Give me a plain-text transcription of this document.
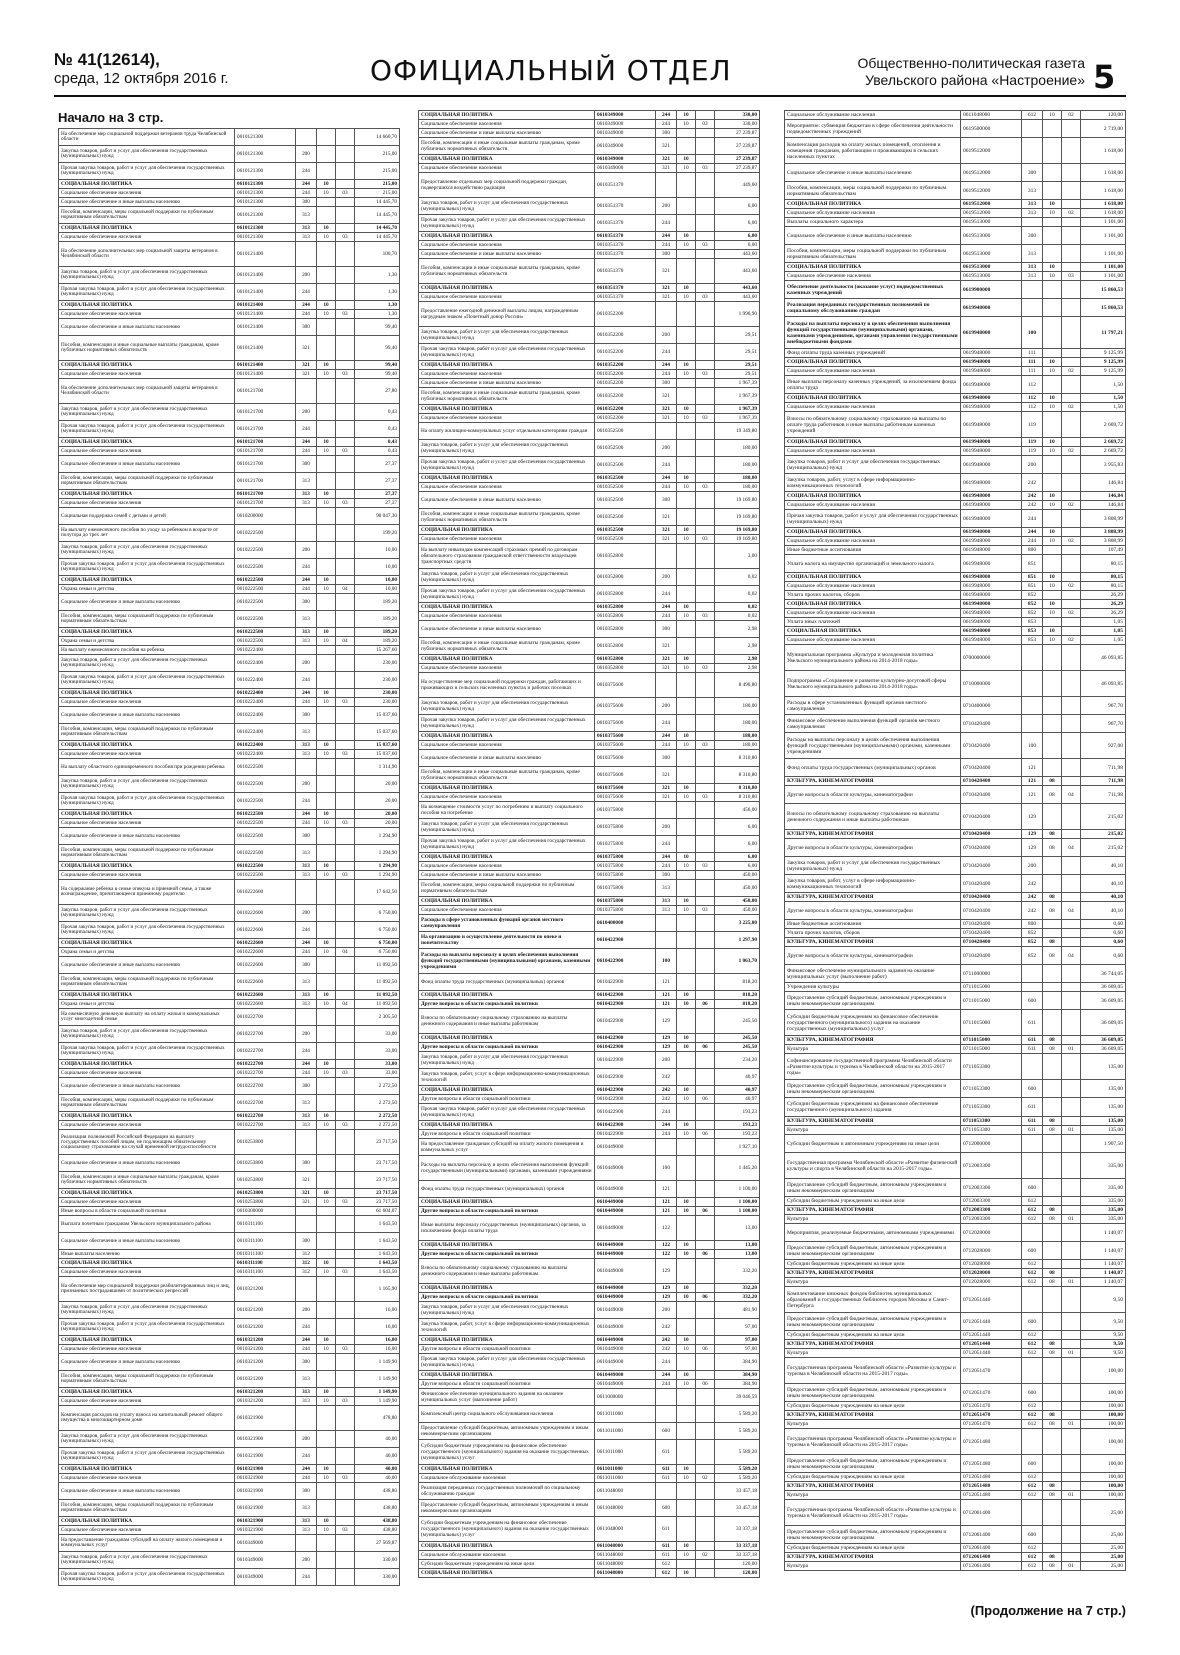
№ 41(12614),
среда, 12 октября 2016 г.	ОФИЦИАЛЬНЫЙ ОТДЕЛ	Общественно-политическая газета
Увельского района «Настроение» 5
Начало на 3 стр.
На обеспечение мер социальной поддержки ветеранов труда Челябинской области	0610121300				14 660,70
Закупка товаров, работ и услуг для обеспечения государственных (муниципальных) нужд	0610121300	200			215,00
Прочая закупка товаров, работ и услуг для обеспечения государственных (муниципальных) нужд	0610121300	244			215,00
СОЦИАЛЬНАЯ ПОЛИТИКА	0610121300	244	10		215,00
Социальное обеспечение населения	0610121300	244	10	03	215,00
Социальное обеспечение и иные выплаты населению	0610121300	300			14 445,70
Пособия, компенсации, меры социальной поддержки по публичным нормативным обязательствам	0610121300	313			14 445,70
СОЦИАЛЬНАЯ ПОЛИТИКА	0610121300	313	10		14 445,70
Социальное обеспечение населения	0610121300	313	10	03	14 445,70
На обеспечение дополнительных мер социальной защиты ветеранов в Челябинской области	0610121400				100,70
Закупка товаров, работ и услуг для обеспечения государственных (муниципальных) нужд	0610121400	200			1,30
Прочая закупка товаров, работ и услуг для обеспечения государственных (муниципальных) нужд	0610121400	244			1,30
СОЦИАЛЬНАЯ ПОЛИТИКА	0610121400	244	10		1,30
Социальное обеспечение населения	0610121400	244	10	03	1,30
Социальное обеспечение и иные выплаты населению	0610121400	300			99,40
Пособия, компенсации и иные социальные выплаты гражданам, кроме публичных нормативных обязательств	0610121400	321			99,40
СОЦИАЛЬНАЯ ПОЛИТИКА	0610121400	321	10		99,40
Социальное обеспечение населения	0610121400	321	10	03	99,40
На обеспечение дополнительных мер социальной защиты ветеранов в Челябинской области	0610121700				27,80
Закупка товаров, работ и услуг для обеспечения государственных (муниципальных) нужд	0610121700	200			0,43
Прочая закупка товаров, работ и услуг для обеспечения государственных (муниципальных) нужд	0610121700	244			0,43
СОЦИАЛЬНАЯ ПОЛИТИКА	0610121700	244	10		0,43
Социальное обеспечение населения	0610121700	244	10	03	0,43
Социальное обеспечение и иные выплаты населению	0610121700	300			27,37
Пособия, компенсации, меры социальной поддержки по публичным нормативным обязательствам	0610121700	313			27,37
СОЦИАЛЬНАЯ ПОЛИТИКА	0610121700	313	10		27,37
Социальное обеспечение населения	0610121700	313	10	03	27,37
Социальная поддержка семей с детьми и детей	0610200000				90 047,30
На выплату ежемесячного пособия по уходу за ребенком в возрасте от полутора до трех лет	0610222500				199,20
Закупка товаров, работ и услуг для обеспечения государственных (муниципальных) нужд	0610222500	200			10,00
Прочая закупка товаров, работ и услуг для обеспечения государственных (муниципальных) нужд	0610222500	244			10,00
СОЦИАЛЬНАЯ ПОЛИТИКА	0610222500	244	10		10,00
Охрана семьи и детства	0610222500	244	10	04	10,00
Социальное обеспечение и иные выплаты населению	0610222500	300			189,20
Пособия, компенсации, меры социальной поддержки по публичным нормативным обязательствам	0610222500	313			189,20
СОЦИАЛЬНАЯ ПОЛИТИКА	0610222500	313	10		189,20
Охрана семьи и детства	0610222500	313	10	04	189,20
На выплату ежемесячного пособия на ребенка	0610222400				15 267,60
Закупка товаров, работ и услуг для обеспечения государственных (муниципальных) нужд	0610222400	200			230,00
Прочая закупка товаров, работ и услуг для обеспечения государственных (муниципальных) нужд	0610222400	244			230,00
СОЦИАЛЬНАЯ ПОЛИТИКА	0610222400	244	10		230,00
Социальное обеспечение населения	0610222400	244	10	03	230,00
Социальное обеспечение и иные выплаты населению	0610222400	300			15 037,60
Пособия, компенсации, меры социальной поддержки по публичным нормативным обязательствам	0610222400	313			15 037,60
СОЦИАЛЬНАЯ ПОЛИТИКА	0610222400	313	10		15 037,60
Социальное обеспечение населения	0610222400	313	10	03	15 037,60
На выплату областного единовременного пособия при рождении ребенка	0610222500				1 314,90
Закупка товаров, работ и услуг для обеспечения государственных (муниципальных) нужд	0610222500	200			20,00
Прочая закупка товаров, работ и услуг для обеспечения государственных (муниципальных) нужд	0610222500	244			20,00
СОЦИАЛЬНАЯ ПОЛИТИКА	0610222500	244	10		20,00
Социальное обеспечение населения	0610222500	244	10	03	20,00
Социальное обеспечение и иные выплаты населению	0610222500	300			1 294,90
Пособия, компенсации, меры социальной поддержки по публичным нормативным обязательствам	0610222500	313			1 294,90
СОЦИАЛЬНАЯ ПОЛИТИКА	0610222500	313	10		1 294,90
Социальное обеспечение населения	0610222500	313	10	03	1 294,90
На содержание ребенка в семье опекуна и приемной семье, а также вознаграждение, причитающееся приемному родителю	0610222600				17 642,50
Закупка товаров, работ и услуг для обеспечения государственных (муниципальных) нужд	0610222600	200			6 750,00
Прочая закупка товаров, работ и услуг для обеспечения государственных (муниципальных) нужд	0610222600	244			6 750,00
СОЦИАЛЬНАЯ ПОЛИТИКА	0610222600	244	10		6 750,00
Охрана семьи и детства	0610222600	244	10	04	6 750,00
Социальное обеспечение и иные выплаты населению	0610222600	300			11 092,50
Пособия, компенсации, меры социальной поддержки по публичным нормативным обязательствам	0610222600	313			11 092,50
СОЦИАЛЬНАЯ ПОЛИТИКА	0610222600	313	10		11 092,50
Охрана семьи и детства	0610222600	313	10	04	11 092,50
На ежемесячную денежную выплату на оплату жилья и коммунальных услуг многодетной семье	0610222700				2 305,50
Закупка товаров, работ и услуг для обеспечения государственных (муниципальных) нужд	0610222700	200			33,00
Прочая закупка товаров, работ и услуг для обеспечения государственных (муниципальных) нужд	0610222700	244			33,00
СОЦИАЛЬНАЯ ПОЛИТИКА	0610222700	244	10		33,00
Социальное обеспечение населения	0610222700	244	10	03	33,00
Социальное обеспечение и иные выплаты населению	0610222700	300			2 272,50
Пособия, компенсации, меры социальной поддержки по публичным нормативным обязательствам	0610222700	313			2 272,50
СОЦИАЛЬНАЯ ПОЛИТИКА	0610222700	313	10		2 272,50
Социальное обеспечение населения	0610222700	313	10	03	2 272,50
Реализация полномочий Российской Федерации на выплату государственных пособий лицам, не подлежащим обязательному социальному страхованию на случай временной нетрудоспособности	0610253800				23 717,50
Социальное обеспечение и иные выплаты населению	0610253800	300			23 717,50
Пособия, компенсации и иные социальные выплаты гражданам, кроме публичных нормативных обязательств	0610253800	321			23 717,50
СОЦИАЛЬНАЯ ПОЛИТИКА	0610253800	321	10		23 717,50
Социальное обеспечение населения	0610253800	321	10	03	23 717,50
Иные вопросы в области социальной политики	0610300000				61 604,07
Выплата почетным гражданам Увельского муниципального района	0610311100				1 643,50
Социальное обеспечение и иные выплаты населению	0610311100	300			1 643,50
Иные выплаты населению	0610311100	312			1 643,50
СОЦИАЛЬНАЯ ПОЛИТИКА	0610311100	312	10		1 643,50
Социальное обеспечение населения	0610311100	312	10	03	1 643,50
На обеспечение мер социальной поддержки реабилитированных лиц и лиц, признанных пострадавшими от политических репрессий	0610321200				1 165,90
Закупка товаров, работ и услуг для обеспечения государственных (муниципальных) нужд	0610321200	200			16,00
Прочая закупка товаров, работ и услуг для обеспечения государственных (муниципальных) нужд	0610321200	244			16,00
СОЦИАЛЬНАЯ ПОЛИТИКА	0610321200	244	10		16,00
Социальное обеспечение населения	0610321200	244	10	03	16,00
Социальное обеспечение и иные выплаты населению	0610321200	300			1 149,90
Пособия, компенсации, меры социальной поддержки по публичным нормативным обязательствам	0610321200	313			1 149,90
СОЦИАЛЬНАЯ ПОЛИТИКА	0610321200	313	10		1 149,90
Социальное обеспечение населения	0610321200	313	10	03	1 149,90
Компенсация расходов на уплату взноса на капитальный ремонт общего имущества в многоквартирном доме	0610321900				478,80
Закупка товаров, работ и услуг для обеспечения государственных (муниципальных) нужд	0610321900	200			40,00
Прочая закупка товаров, работ и услуг для обеспечения государственных (муниципальных) нужд	0610321900	244			40,00
СОЦИАЛЬНАЯ ПОЛИТИКА	0610321900	244	10		40,00
Социальное обеспечение населения	0610321900	244	10	03	40,00
Социальное обеспечение и иные выплаты населению	0610321900	300			438,80
Пособия, компенсации, меры социальной поддержки по публичным нормативным обязательствам	0610321900	313			438,80
СОЦИАЛЬНАЯ ПОЛИТИКА	0610321900	313	10		438,80
Социальное обеспечение населения	0610321900	313	10	03	438,80
На предоставление гражданам субсидий на оплату жилого помещения и коммунальных услуг	0610349000				27 569,87
Закупка товаров, работ и услуг для обеспечения государственных (муниципальных) нужд	0610349000	200			330,00
Прочая закупка товаров, работ и услуг для обеспечения государственных (муниципальных) нужд	0610349000	244			330,00
СОЦИАЛЬНАЯ ПОЛИТИКА	0610349000	244	10		330,00
Социальное обеспечение населения	0610349000	244	10	03	330,00
Социальное обеспечение и иные выплаты населению	0610349000	300			27 239,87
Пособия, компенсации и иные социальные выплаты гражданам, кроме публичных нормативных обязательств	0610349000	321			27 239,87
СОЦИАЛЬНАЯ ПОЛИТИКА	0610349000	321	10		27 239,87
Социальное обеспечение населения	0610349000	321	10	03	27 239,87
Предоставление отдельных мер социальной поддержки граждан, подвергшихся воздействию радиации	0610351370				449,60
Закупка товаров, работ и услуг для обеспечения государственных (муниципальных) нужд	0610351370	200			6,00
Прочая закупка товаров, работ и услуг для обеспечения государственных (муниципальных) нужд	0610351370	244			6,00
СОЦИАЛЬНАЯ ПОЛИТИКА	0610351370	244	10		6,00
Социальное обеспечение населения	0610351370	244	10	03	6,00
Социальное обеспечение и иные выплаты населению	0610351370	300			443,60
Пособия, компенсации и иные социальные выплаты гражданам, кроме публичных нормативных обязательств	0610351370	321			443,60
СОЦИАЛЬНАЯ ПОЛИТИКА	0610351370	321	10		443,60
Социальное обеспечение населения	0610351370	321	10	03	443,60
Предоставление ежегодной денежной выплаты лицам, награжденным нагрудным знаком «Почетный донор России»	0610352200				1 996,90
Закупка товаров, работ и услуг для обеспечения государственных (муниципальных) нужд	0610352200	200			29,51
Прочая закупка товаров, работ и услуг для обеспечения государственных (муниципальных) нужд	0610352200	244			29,51
СОЦИАЛЬНАЯ ПОЛИТИКА	0610352200	244	10		29,51
Социальное обеспечение населения	0610352200	244	10	03	29,51
Социальное обеспечение и иные выплаты населению	0610352200	300			1 967,39
Пособия, компенсации и иные социальные выплаты гражданам, кроме публичных нормативных обязательств	0610352200	321			1 967,39
СОЦИАЛЬНАЯ ПОЛИТИКА	0610352200	321	10		1 967,39
Социальное обеспечение населения	0610352200	321	10	03	1 967,39
На оплату жилищно-коммунальных услуг отдельным категориям граждан	0610352500				19 349,80
Закупка товаров, работ и услуг для обеспечения государственных (муниципальных) нужд	0610352500	200			180,00
Прочая закупка товаров, работ и услуг для обеспечения государственных (муниципальных) нужд	0610352500	244			180,00
СОЦИАЛЬНАЯ ПОЛИТИКА	0610352500	244	10		180,00
Социальное обеспечение населения	0610352500	244	10	03	180,00
Социальное обеспечение и иные выплаты населению	0610352500	300			19 169,80
Пособия, компенсации и иные социальные выплаты гражданам, кроме публичных нормативных обязательств	0610352500	321			19 169,80
СОЦИАЛЬНАЯ ПОЛИТИКА	0610352500	321	10		19 169,80
Социальное обеспечение населения	0610352500	321	10	03	19 169,80
На выплату инвалидам компенсаций страховых премий по договорам обязательного страхования гражданской ответственности владельцев транспортных средств	0610352800				3,00
Закупка товаров, работ и услуг для обеспечения государственных (муниципальных) нужд	0610352800	200			0,02
Прочая закупка товаров, работ и услуг для обеспечения государственных (муниципальных) нужд	0610352800	244			0,02
СОЦИАЛЬНАЯ ПОЛИТИКА	0610352800	244	10		0,02
Социальное обеспечение населения	0610352800	244	10	03	0,02
Социальное обеспечение и иные выплаты населению	0610352800	300			2,98
Пособия, компенсации и иные социальные выплаты гражданам, кроме публичных нормативных обязательств	0610352800	321			2,98
СОЦИАЛЬНАЯ ПОЛИТИКА	0610352800	321	10		2,98
Социальное обеспечение населения	0610352800	321	10	03	2,98
На осуществление мер социальной поддержки граждан, работающих и проживающих в сельских населенных пунктах и рабочих поселках	0610375600				8 490,80
Закупка товаров, работ и услуг для обеспечения государственных (муниципальных) нужд	0610375600	200			180,00
Прочая закупка товаров, работ и услуг для обеспечения государственных (муниципальных) нужд	0610375600	244			180,00
СОЦИАЛЬНАЯ ПОЛИТИКА	0610375600	244	10		180,00
Социальное обеспечение населения	0610375600	244	10	03	180,00
Социальное обеспечение и иные выплаты населению	0610375600	300			8 310,80
Пособия, компенсации и иные социальные выплаты гражданам, кроме публичных нормативных обязательств	0610375600	321			8 310,80
СОЦИАЛЬНАЯ ПОЛИТИКА	0610375600	321	10		8 310,80
Социальное обеспечение населения	0610375600	321	10	03	8 310,80
На возмещение стоимости услуг по погребению и выплату социального пособия на погребение	0610375800				456,00
Закупка товаров, работ и услуг для обеспечения государственных (муниципальных) нужд	0610375800	200			6,00
Прочая закупка товаров, работ и услуг для обеспечения государственных (муниципальных) нужд	0610375800	244			6,00
СОЦИАЛЬНАЯ ПОЛИТИКА	0610375800	244	10		6,00
Социальное обеспечение населения	0610375800	244	10	03	6,00
Социальное обеспечение и иные выплаты населению	0610375800	300			450,00
Пособия, компенсации, меры социальной поддержки по публичным нормативным обязательствам	0610375800	313			450,00
СОЦИАЛЬНАЯ ПОЛИТИКА	0610375800	313	10		450,00
Социальное обеспечение населения	0610375800	313	10	03	450,00
Расходы в сфере установленных функций органов местного самоуправления	0610400000				3 225,00
На организацию и осуществление деятельности по опеке и попечительству	0610422900				1 297,90
Расходы на выплаты персоналу в целях обеспечения выполнения функций государственными (муниципальными) органами, казенными учреждениями	0610422900	100			1 063,70
Фонд оплаты труда государственных (муниципальных) органов	0610422900	121			818,20
СОЦИАЛЬНАЯ ПОЛИТИКА	0610422900	121	10		818,20
Другие вопросы в области социальной политики	0610422900	121	10	06	818,20
Взносы по обязательному социальному страхованию на выплаты денежного содержания и иные выплаты работникам	0610422900	129			245,50
СОЦИАЛЬНАЯ ПОЛИТИКА	0610422900	129	10		245,50
Другие вопросы в области социальной политики	0610422900	129	10	06	245,50
Закупка товаров, работ и услуг для обеспечения государственных (муниципальных) нужд	0610422900	200			234,20
Закупка товаров, работ, услуг в сфере информационно-коммуникационных технологий	0610422900	242			40,97
СОЦИАЛЬНАЯ ПОЛИТИКА	0610422900	242	10		40,97
Другие вопросы в области социальной политики	0610422900	242	10	06	40,97
Прочая закупка товаров, работ и услуг для обеспечения государственных (муниципальных) нужд	0610422900	244			193,23
СОЦИАЛЬНАЯ ПОЛИТИКА	0610422900	244	10		193,23
Другие вопросы в области социальной политики	0610422900	244	10	06	193,23
На предоставление гражданам субсидий на оплату жилого помещения и коммунальных услуг	0610449000				1 927,10
Расходы на выплаты персоналу в целях обеспечения выполнения функций государственными (муниципальными) органами, казенными учреждениями	0610449000	100			1 445,20
Фонд оплаты труда государственных (муниципальных) органов	0610449000	121			1 100,00
СОЦИАЛЬНАЯ ПОЛИТИКА	0610449000	121	10		1 100,00
Другие вопросы в области социальной политики	0610449000	121	10	06	1 100,00
Иные выплаты персоналу государственных (муниципальных) органов, за исключением фонда оплаты труда	0610449000	122			13,00
СОЦИАЛЬНАЯ ПОЛИТИКА	0610449000	122	10		13,00
Другие вопросы в области социальной политики	0610449000	122	10	06	13,00
Взносы по обязательному социальному страхованию на выплаты денежного содержания и иные выплаты работникам	0610449000	129			332,20
СОЦИАЛЬНАЯ ПОЛИТИКА	0610449000	129	10		332,20
Другие вопросы в области социальной политики	0610449000	129	10	06	332,20
Закупка товаров, работ и услуг для обеспечения государственных (муниципальных) нужд	0610449000	200			481,90
Закупка товаров, работ, услуг в сфере информационно-коммуникационных технологий	0610449000	242			97,00
СОЦИАЛЬНАЯ ПОЛИТИКА	0610449000	242	10		97,00
Другие вопросы в области социальной политики	0610449000	242	10	06	97,00
Прочая закупка товаров, работ и услуг для обеспечения государственных (муниципальных) нужд	0610449000	244			384,90
СОЦИАЛЬНАЯ ПОЛИТИКА	0610449000	244	10		384,90
Другие вопросы в области социальной политики	0610449000	244	10	06	384,90
Финансовое обеспечение муниципального задания на оказание муниципальных услуг (выполнение работ)	0611000000				39 046,59
Комплексный центр социального обслуживания населения	0611011000				5 589,20
Предоставление субсидий бюджетным, автономным учреждениям и иным некоммерческим организациям	0611011000	600			5 589,20
Субсидии бюджетным учреждениям на финансовое обеспечение государственного (муниципального) задания на оказание государственных (муниципальных) услуг	0611011000	611			5 589,20
СОЦИАЛЬНАЯ ПОЛИТИКА	0611011000	611	10		5 589,20
Социальное обслуживание населения	0611011000	611	10	02	5 589,20
Реализация переданных государственных полномочий по социальному обслуживанию граждан	0611048000				33 457,18
Предоставление субсидий бюджетным, автономным учреждениям и иным некоммерческим организациям	0611048000	600			33 457,18
Субсидии бюджетным учреждениям на финансовое обеспечение государственного (муниципального) задания на оказание государственных (муниципальных) услуг	0611048000	611			33 337,18
СОЦИАЛЬНАЯ ПОЛИТИКА	0611048000	611	10		33 337,18
Социальное обслуживание населения	0611048000	611	10	02	33 337,18
Субсидии бюджетным учреждениям на иные цели	0611048000	612			120,00
СОЦИАЛЬНАЯ ПОЛИТИКА	0611048000	612	10		120,00
Социальное обслуживание населения	0611048000	612	10	02	120,00
Мероприятие: субвенция бюджетам в сфере обеспечения деятельности подведомственных учреждений	0619500000				2 719,00
Компенсация расходов на оплату жилых помещений, отопления и освещения гражданам, работающим и проживающим в сельских населенных пунктах	0619512000				1 618,00
Социальное обеспечение и иные выплаты населению	0619512000	300			1 618,00
Пособия, компенсации, меры социальной поддержки по публичным нормативным обязательствам	0619512000	313			1 618,00
СОЦИАЛЬНАЯ ПОЛИТИКА	0619512000	313	10		1 618,00
Социальное обслуживание населения	0619512000	313	10	02	1 618,00
Выплаты социального характера	0619513000				1 101,00
Социальное обеспечение и иные выплаты населению	0619513000	300			1 101,00
Пособия, компенсации, меры социальной поддержки по публичным нормативным обязательствам	0619513000	313			1 101,00
СОЦИАЛЬНАЯ ПОЛИТИКА	0619513000	313	10		1 101,00
Социальное обеспечение населения	0619513000	313	10	03	1 101,00
Обеспечение деятельности (оказание услуг) подведомственных казенных учреждений	0619900000				15 860,53
Реализация переданных государственных полномочий по социальному обслуживанию граждан	0619948000				15 860,53
Расходы на выплаты персоналу в целях обеспечения выполнения функций государственными (муниципальными) органами, казенными учреждениями, органами управления государственными внебюджетными фондами	0619948000	100			11 797,21
Фонд оплаты труда казенных учреждений	0619948000	111			9 125,99
СОЦИАЛЬНАЯ ПОЛИТИКА	0619948000	111	10		9 125,99
Социальное обслуживание населения	0619948000	111	10	02	9 125,99
Иные выплаты персоналу казенных учреждений, за исключением фонда оплаты труда	0619948000	112			1,50
СОЦИАЛЬНАЯ ПОЛИТИКА	0619948000	112	10		1,50
Социальное обслуживание населения	0619948000	112	10	02	1,50
Взносы по обязательному социальному страхованию на выплаты по оплате труда работников и иные выплаты работникам казенных учреждений	0619948000	119			2 669,72
СОЦИАЛЬНАЯ ПОЛИТИКА	0619948000	119	10		2 669,72
Социальное обслуживание населения	0619948000	119	10	02	2 669,72
Закупка товаров, работ и услуг для обеспечения государственных (муниципальных) нужд	0619948000	200			3 955,83
Закупка товаров, работ, услуг в сфере информационно-коммуникационных технологий	0619948000	242			146,84
СОЦИАЛЬНАЯ ПОЛИТИКА	0619948000	242	10		146,84
Социальное обслуживание населения	0619948000	242	10	02	146,84
Прочая закупка товаров, работ и услуг для обеспечения государственных (муниципальных) нужд	0619948000	244			3 808,99
СОЦИАЛЬНАЯ ПОЛИТИКА	0619948000	244	10		3 808,99
Социальное обслуживание населения	0619948000	244	10	02	3 808,99
Иные бюджетные ассигнования	0619948000	800			107,49
Уплата налога на имущество организаций и земельного налога	0619948000	851			80,15
СОЦИАЛЬНАЯ ПОЛИТИКА	0619948000	851	10		80,15
Социальное обслуживание населения	0619948000	851	10	02	80,15
Уплата прочих налогов, сборов	0619948000	852			26,29
СОЦИАЛЬНАЯ ПОЛИТИКА	0619948000	852	10		26,29
Социальное обслуживание населения	0619948000	852	10	02	26,29
Уплата иных платежей	0619948000	853			1,05
СОЦИАЛЬНАЯ ПОЛИТИКА	0619948000	853	10		1,05
Социальное обслуживание населения	0619948000	853	10	02	1,05
Муниципальная программа «Культура и молодежная политика Увельского муниципального района на 2014-2018 годы»	0700000000				46 093,85
Подпрограмма «Сохранение и развитие культурно-досуговой сферы Увельского муниципального района на 2014-2018 годы»	0710000000				46 093,85
Расходы в сфере установленных функций органов местного самоуправления	0710400000				967,70
Финансовое обеспечение выполнения функций органов местного самоуправления	0710420400				967,70
Расходы на выплаты персоналу в целях обеспечения выполнения функций государственными (муниципальными) органами, казенными учреждениями	0710420400	100			927,00
Фонд оплаты труда государственных (муниципальных) органов	0710420400	121			711,98
КУЛЬТУРА, КИНЕМАТОГРАФИЯ	0710420400	121	08		711,98
Другие вопросы в области культуры, кинематографии	0710420400	121	08	04	711,98
Взносы по обязательному социальному страхованию на выплаты денежного содержания и иные выплаты работникам	0710420400	129			215,02
КУЛЬТУРА, КИНЕМАТОГРАФИЯ	0710420400	129	08		215,02
Другие вопросы в области культуры, кинематографии	0710420400	129	08	04	215,02
Закупка товаров, работ и услуг для обеспечения государственных (муниципальных) нужд	0710420400	200			40,10
Закупка товаров, работ, услуг в сфере информационно-коммуникационных технологий	0710420400	242			40,10
КУЛЬТУРА, КИНЕМАТОГРАФИЯ	0710420400	242	08		40,10
Другие вопросы в области культуры, кинематографии	0710420400	242	08	04	40,10
Иные бюджетные ассигнования	0710420400	800			0,60
Уплата прочих налогов, сборов	0710420400	852			0,60
КУЛЬТУРА, КИНЕМАТОГРАФИЯ	0710420400	852	08		0,60
Другие вопросы в области культуры, кинематографии	0710420400	852	08	04	0,60
Финансовое обеспечение муниципального задания на оказание муниципальных услуг (выполнение работ)	0711000000				36 744,05
Учреждения культуры	0711015000				36 609,05
Предоставление субсидий бюджетным, автономным учреждениям и иным некоммерческим организациям	0711015000	600			36 609,05
Субсидии бюджетным учреждениям на финансовое обеспечение государственного (муниципального) задания на оказание государственных (муниципальных) услуг	0711015000	611			36 609,05
КУЛЬТУРА, КИНЕМАТОГРАФИЯ	0711015000	611	08		36 609,05
Культура	0711015000	611	08	01	36 609,05
Софинансирование государственной программы Челябинской области «Развитие культуры и туризма в Челябинской области на 2015-2017 годы»	0711053300				135,00
Предоставление субсидий бюджетным, автономным учреждениям и иным некоммерческим организациям	0711053300	600			135,00
Субсидии бюджетным учреждениям на финансовое обеспечение государственного (муниципального) задания	0711053300	611			135,00
КУЛЬТУРА, КИНЕМАТОГРАФИЯ	0711053300	611	08		135,00
Культура	0711053300	611	08	01	135,00
Субсидии бюджетным и автономным учреждениям на иные цели	0712000000				1 907,50
Государственная программа Челябинской области «Развитие физической культуры и спорта в Челябинской области на 2015-2017 годы»	0712003300				335,00
Предоставление субсидий бюджетным, автономным учреждениям и иным некоммерческим организациям	0712003300	600			335,00
Субсидии бюджетным учреждениям на иные цели	0712003300	612			335,00
КУЛЬТУРА, КИНЕМАТОГРАФИЯ	0712003300	612	08		335,00
Культура	0712003300	612	08	01	335,00
Мероприятия, реализуемые бюджетными, автономными учреждениями	0712028000				1 140,07
Предоставление субсидий бюджетным, автономным учреждениям и иным некоммерческим организациям	0712028000	600			1 140,07
Субсидии бюджетным учреждениям на иные цели	0712028000	612			1 140,07
КУЛЬТУРА, КИНЕМАТОГРАФИЯ	0712028000	612	08		1 140,07
Культура	0712028000	612	08	01	1 140,07
Комплектование книжных фондов библиотек муниципальных образований и государственных библиотек городов Москвы и Санкт-Петербурга	0712051440				9,50
Предоставление субсидий бюджетным, автономным учреждениям и иным некоммерческим организациям	0712051440	600			9,50
Субсидии бюджетным учреждениям на иные цели	0712051440	612			9,50
КУЛЬТУРА, КИНЕМАТОГРАФИЯ	0712051440	612	08		9,50
Культура	0712051440	612	08	01	9,50
Государственная программа Челябинской области «Развитие культуры и туризма в Челябинской области на 2015-2017 годы»	0712051470				100,00
Предоставление субсидий бюджетным, автономным учреждениям и иным некоммерческим организациям	0712051470	600			100,00
Субсидии бюджетным учреждениям на иные цели	0712051470	612			100,00
КУЛЬТУРА, КИНЕМАТОГРАФИЯ	0712051470	612	08		100,00
Культура	0712051470	612	08	01	100,00
Государственная программа Челябинской области «Развитие культуры и туризма в Челябинской области на 2015-2017 годы»	0712051480				100,00
Предоставление субсидий бюджетным, автономным учреждениям и иным некоммерческим организациям	0712051480	600			100,00
Субсидии бюджетным учреждениям на иные цели	0712051480	612			100,00
КУЛЬТУРА, КИНЕМАТОГРАФИЯ	0712051480	612	08		100,00
Культура	0712051480	612	08	01	100,00
Государственная программа Челябинской области «Развитие культуры и туризма в Челябинской области на 2015-2017 годы»	0712061400				25,00
Предоставление субсидий бюджетным, автономным учреждениям и иным некоммерческим организациям	0712061400	600			25,00
Субсидии бюджетным учреждениям на иные цели	0712061400	612			25,00
КУЛЬТУРА, КИНЕМАТОГРАФИЯ	0712061400	612	08		25,00
Культура	0712061400	612	08	01	25,00
(Продолжение на 7 стр.)
